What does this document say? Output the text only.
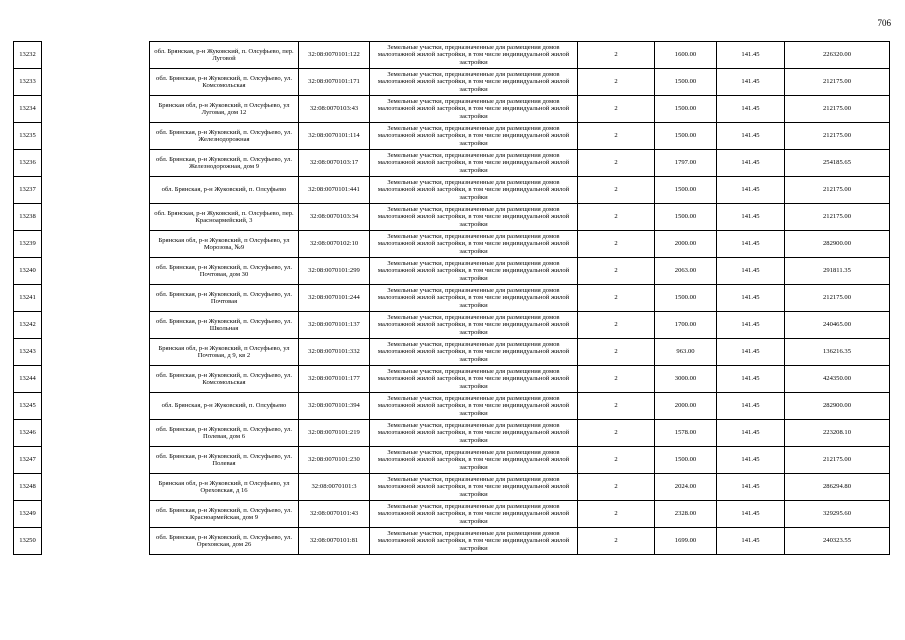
706
13232		обл. Брянская, р-н Жуковский, п. Олсуфьево, пер. Луговой	32:08:0070101:122	Земельные участки, предназначенные для размещения домов малоэтажной жилой застройки, в том числе индивидуальной жилой застройки	2	1600.00	141.45	226320.00
13233		обл. Брянская, р-н Жуковский, п. Олсуфьево, ул. Комсомольская	32:08:0070101:171	Земельные участки, предназначенные для размещения домов малоэтажной жилой застройки, в том числе индивидуальной жилой застройки	2	1500.00	141.45	212175.00
13234		Брянская обл, р-н Жуковский, п Олсуфьево, ул Луговая, дом 12	32:08:0070103:43	Земельные участки, предназначенные для размещения домов малоэтажной жилой застройки, в том числе индивидуальной жилой застройки	2	1500.00	141.45	212175.00
13235		обл. Брянская, р-н Жуковский, п. Олсуфьево, ул. Железнодорожная	32:08:0070101:114	Земельные участки, предназначенные для размещения домов малоэтажной жилой застройки, в том числе индивидуальной жилой застройки	2	1500.00	141.45	212175.00
13236		обл. Брянская, р-н Жуковский, п. Олсуфьево, ул. Железнодорожная, дом 9	32:08:0070103:17	Земельные участки, предназначенные для размещения домов малоэтажной жилой застройки, в том числе индивидуальной жилой застройки	2	1797.00	141.45	254185.65
13237		обл. Брянская, р-н Жуковский, п. Олсуфьево	32:08:0070101:441	Земельные участки, предназначенные для размещения домов малоэтажной жилой застройки, в том числе индивидуальной жилой застройки	2	1500.00	141.45	212175.00
13238		обл. Брянская, р-н Жуковский, п. Олсуфьево, пер. Красноармейский, 3	32:08:0070103:34	Земельные участки, предназначенные для размещения домов малоэтажной жилой застройки, в том числе индивидуальной жилой застройки	2	1500.00	141.45	212175.00
13239		Брянская обл, р-н Жуковский, п Олсуфьево, ул Морозова, №9	32:08:0070102:10	Земельные участки, предназначенные для размещения домов малоэтажной жилой застройки, в том числе индивидуальной жилой застройки	2	2000.00	141.45	282900.00
13240		обл. Брянская, р-н Жуковский, п. Олсуфьево, ул. Почтовая, дом 30	32:08:0070101:299	Земельные участки, предназначенные для размещения домов малоэтажной жилой застройки, в том числе индивидуальной жилой застройки	2	2063.00	141.45	291811.35
13241		обл. Брянская, р-н Жуковский, п. Олсуфьево, ул. Почтовая	32:08:0070101:244	Земельные участки, предназначенные для размещения домов малоэтажной жилой застройки, в том числе индивидуальной жилой застройки	2	1500.00	141.45	212175.00
13242		обл. Брянская, р-н Жуковский, п. Олсуфьево, ул. Школьная	32:08:0070101:137	Земельные участки, предназначенные для размещения домов малоэтажной жилой застройки, в том числе индивидуальной жилой застройки	2	1700.00	141.45	240465.00
13243		Брянская обл, р-н Жуковский, п Олсуфьево, ул Почтовая, д 9, кв 2	32:08:0070101:332	Земельные участки, предназначенные для размещения домов малоэтажной жилой застройки, в том числе индивидуальной жилой застройки	2	963.00	141.45	136216.35
13244		обл. Брянская, р-н Жуковский, п. Олсуфьево, ул. Комсомольская	32:08:0070101:177	Земельные участки, предназначенные для размещения домов малоэтажной жилой застройки, в том числе индивидуальной жилой застройки	2	3000.00	141.45	424350.00
13245		обл. Брянская, р-н Жуковский, п. Олсуфьево	32:08:0070101:394	Земельные участки, предназначенные для размещения домов малоэтажной жилой застройки, в том числе индивидуальной жилой застройки	2	2000.00	141.45	282900.00
13246		обл. Брянская, р-н Жуковский, п. Олсуфьево, ул. Полевая, дом 6	32:08:0070101:219	Земельные участки, предназначенные для размещения домов малоэтажной жилой застройки, в том числе индивидуальной жилой застройки	2	1578.00	141.45	223208.10
13247		обл. Брянская, р-н Жуковский, п. Олсуфьево, ул. Полевая	32:08:0070101:230	Земельные участки, предназначенные для размещения домов малоэтажной жилой застройки, в том числе индивидуальной жилой застройки	2	1500.00	141.45	212175.00
13248		Брянская обл, р-н Жуковский, п Олсуфьево, ул Ореховская, д 16	32:08:0070101:3	Земельные участки, предназначенные для размещения домов малоэтажной жилой застройки, в том числе индивидуальной жилой застройки	2	2024.00	141.45	286294.80
13249		обл. Брянская, р-н Жуковский, п. Олсуфьево, ул. Красноармейская, дом 9	32:08:0070101:43	Земельные участки, предназначенные для размещения домов малоэтажной жилой застройки, в том числе индивидуальной жилой застройки	2	2328.00	141.45	329295.60
13250		обл. Брянская, р-н Жуковский, п. Олсуфьево, ул. Ореховская, дом 26	32:08:0070101:81	Земельные участки, предназначенные для размещения домов малоэтажной жилой застройки, в том числе индивидуальной жилой застройки	2	1699.00	141.45	240323.55
